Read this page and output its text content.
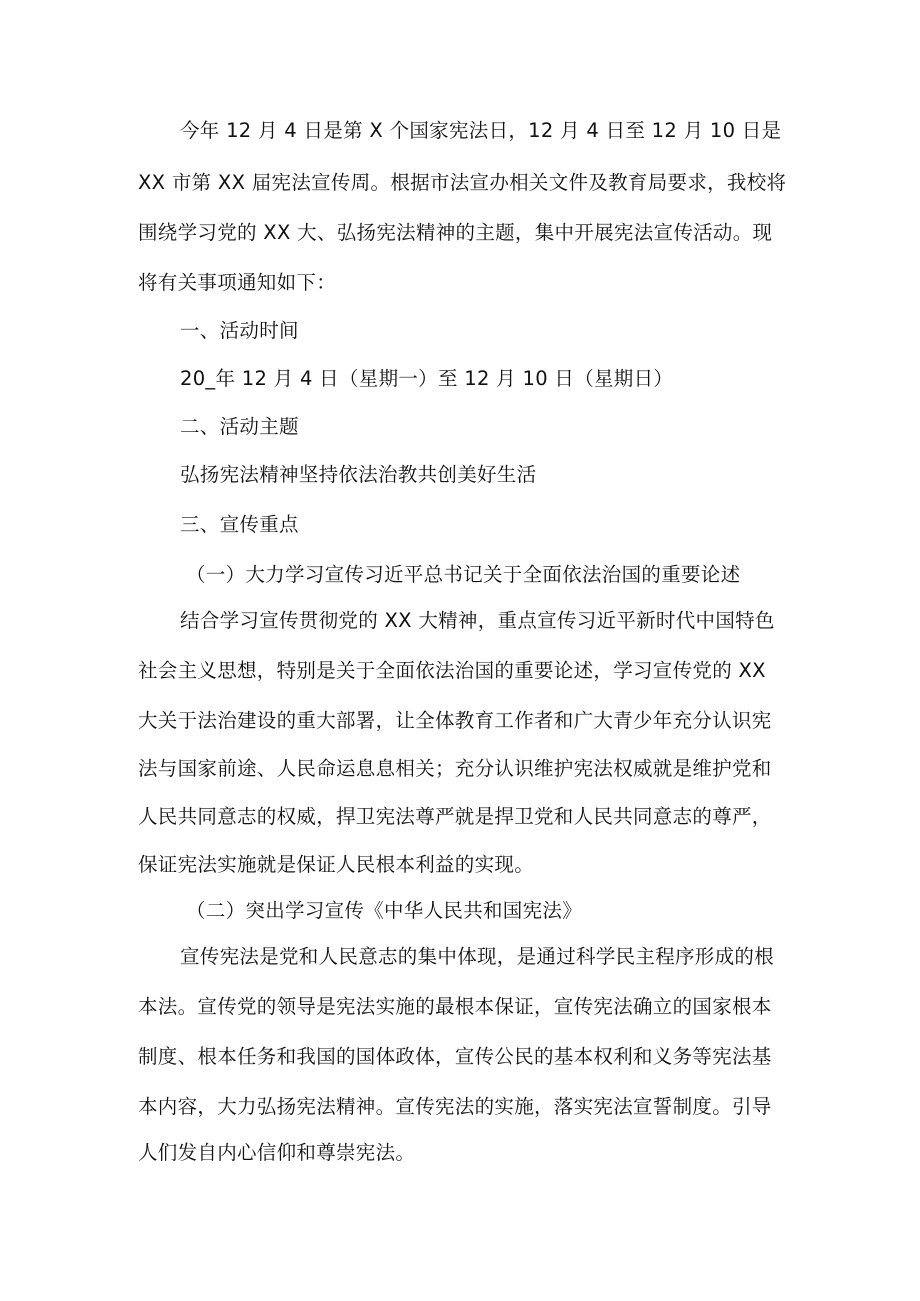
今年 12 月 4 日是第 X 个国家宪法日，12 月 4 日至 12 月 10 日是
XX 市第 XX 届宪法宣传周。根据市法宣办相关文件及教育局要求，我校将
围绕学习党的 XX 大、弘扬宪法精神的主题，集中开展宪法宣传活动。现
将有关事项通知如下：
一、活动时间
20_年 12 月 4 日（星期一）至 12 月 10 日（星期日）
二、活动主题
弘扬宪法精神坚持依法治教共创美好生活
三、宣传重点
（一）大力学习宣传习近平总书记关于全面依法治国的重要论述
结合学习宣传贯彻党的 XX 大精神，重点宣传习近平新时代中国特色
社会主义思想，特别是关于全面依法治国的重要论述，学习宣传党的 XX
大关于法治建设的重大部署，让全体教育工作者和广大青少年充分认识宪
法与国家前途、人民命运息息相关；充分认识维护宪法权威就是维护党和
人民共同意志的权威，捍卫宪法尊严就是捍卫党和人民共同意志的尊严，
保证宪法实施就是保证人民根本利益的实现。
（二）突出学习宣传《中华人民共和国宪法》
宣传宪法是党和人民意志的集中体现，是通过科学民主程序形成的根
本法。宣传党的领导是宪法实施的最根本保证，宣传宪法确立的国家根本
制度、根本任务和我国的国体政体，宣传公民的基本权利和义务等宪法基
本内容，大力弘扬宪法精神。宣传宪法的实施，落实宪法宣誓制度。引导
人们发自内心信仰和尊崇宪法。
